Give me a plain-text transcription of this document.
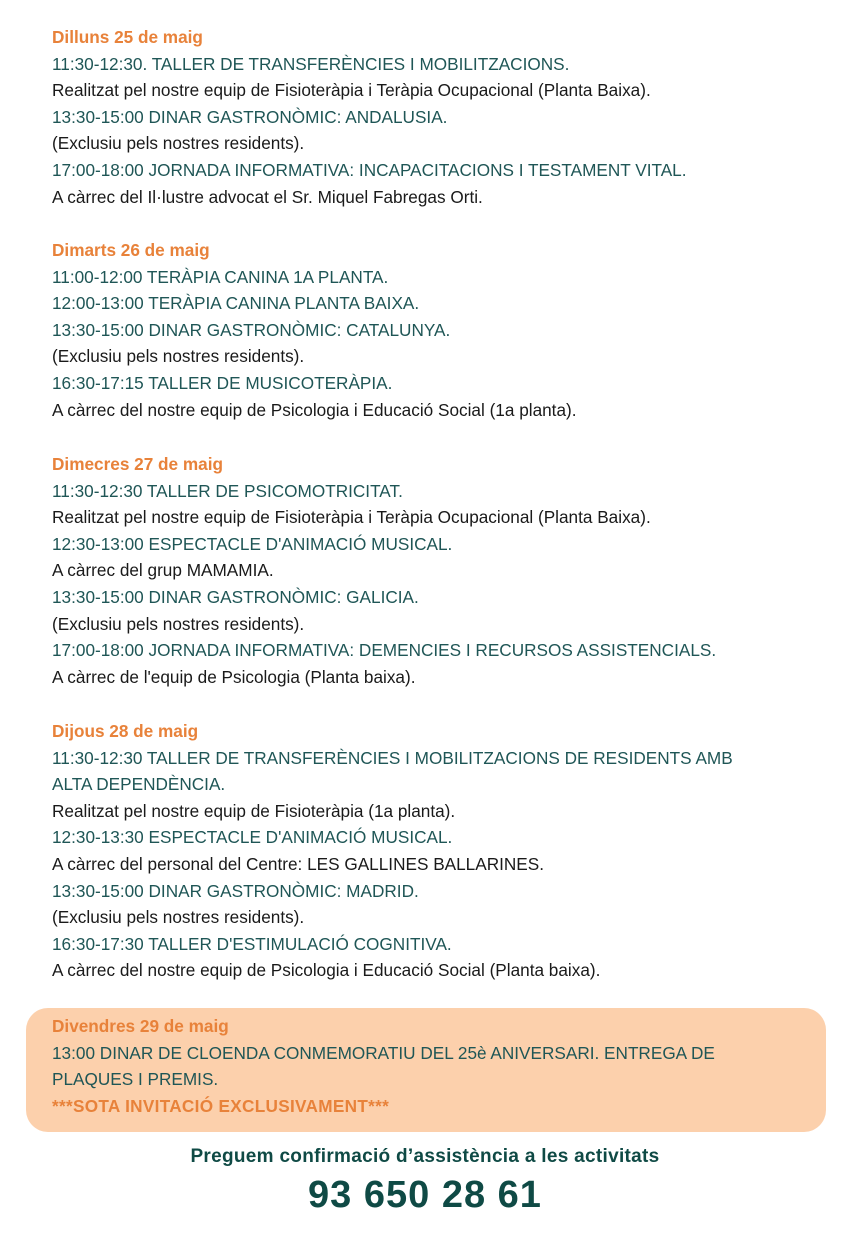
Dilluns 25 de maig

11:30-12:30. TALLER DE TRANSFERÈNCIES I MOBILITZACIONS.

Realitzat pel nostre equip de Fisioteràpia i Teràpia Ocupacional (Planta Baixa).

13:30-15:00 DINAR GASTRONÒMIC: ANDALUSIA.

(Exclusiu pels nostres residents).

17:00-18:00 JORNADA INFORMATIVA: INCAPACITACIONS I TESTAMENT VITAL.

A càrrec del Il·lustre advocat el Sr. Miquel Fabregas Orti.

Dimarts 26 de maig

11:00-12:00 TERÀPIA CANINA 1A PLANTA.

12:00-13:00 TERÀPIA CANINA PLANTA BAIXA.

13:30-15:00 DINAR GASTRONÒMIC: CATALUNYA.

(Exclusiu pels nostres residents).

16:30-17:15 TALLER DE MUSICOTERÀPIA.

A càrrec del nostre equip de Psicologia i Educació Social (1a planta).

Dimecres 27 de maig

11:30-12:30 TALLER DE PSICOMOTRICITAT.

Realitzat pel nostre equip de Fisioteràpia i Teràpia Ocupacional (Planta Baixa).

12:30-13:00 ESPECTACLE D'ANIMACIÓ MUSICAL.

A càrrec del grup MAMAMIA.

13:30-15:00 DINAR GASTRONÒMIC: GALICIA.

(Exclusiu pels nostres residents).

17:00-18:00 JORNADA INFORMATIVA: DEMENCIES I RECURSOS ASSISTENCIALS.

A càrrec de l'equip de Psicologia (Planta baixa).

Dijous 28 de maig

11:30-12:30 TALLER DE TRANSFERÈNCIES I MOBILITZACIONS DE RESIDENTS AMB

ALTA DEPENDÈNCIA.

Realitzat pel nostre equip de Fisioteràpia (1a planta).

12:30-13:30 ESPECTACLE D'ANIMACIÓ MUSICAL.

A càrrec del personal del Centre: LES GALLINES BALLARINES.

13:30-15:00 DINAR GASTRONÒMIC: MADRID.

(Exclusiu pels nostres residents).

16:30-17:30 TALLER D'ESTIMULACIÓ COGNITIVA.

A càrrec del nostre equip de Psicologia i Educació Social (Planta baixa).

Divendres 29 de maig

13:00 DINAR DE CLOENDA CONMEMORATIU DEL 25è ANIVERSARI. ENTREGA DE

PLAQUES I PREMIS.

***SOTA INVITACIÓ EXCLUSIVAMENT***

Preguem confirmació d’assistència a les activitats
93 650 28 61
